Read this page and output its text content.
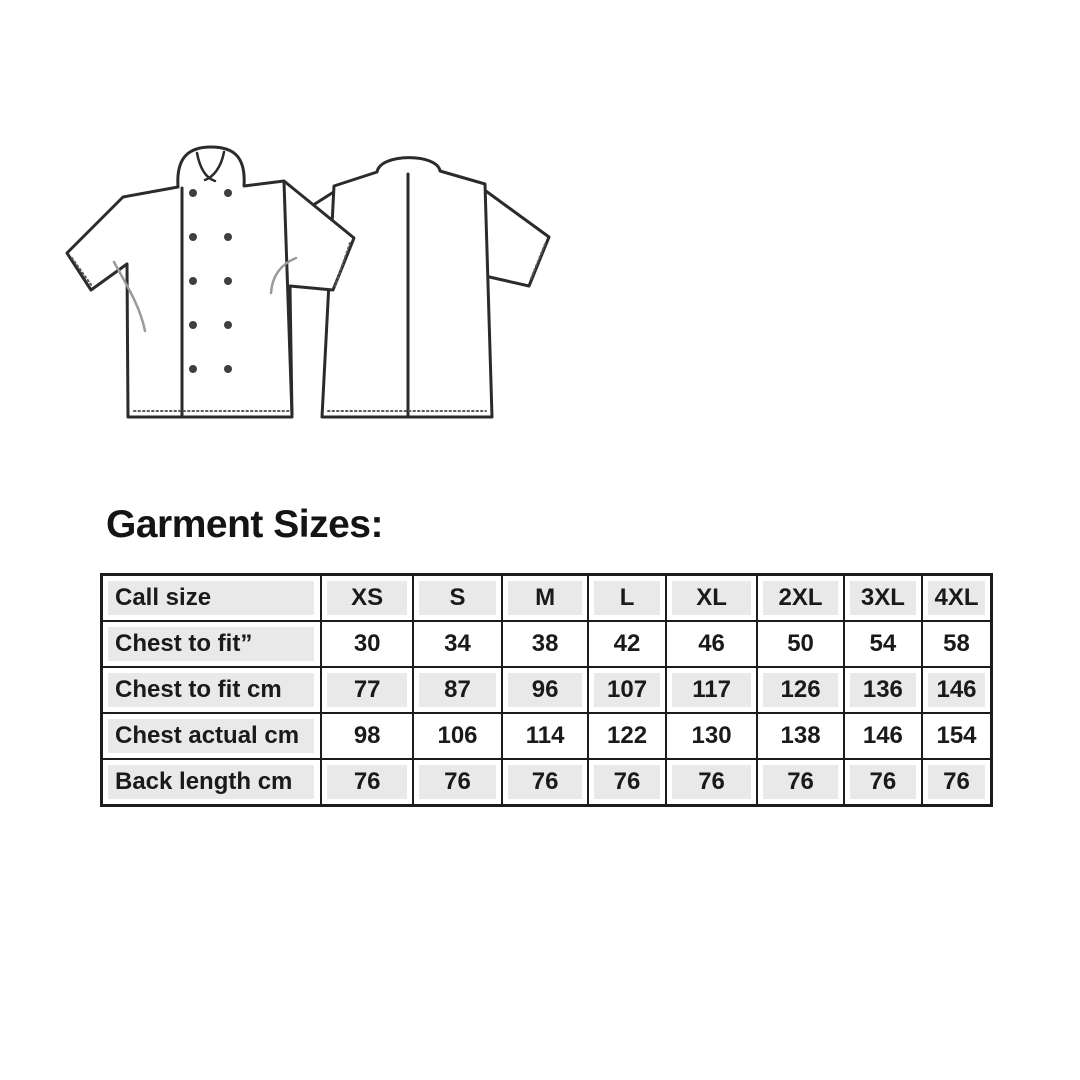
Garment Sizes:
Call size	XS	S	M	L	XL	2XL	3XL	4XL

Chest to fit”	30	34	38	42	46	50	54	58

Chest to fit cm	77	87	96	107	117	126	136	146

Chest actual cm	98	106	114	122	130	138	146	154

Back length cm	76	76	76	76	76	76	76	76
